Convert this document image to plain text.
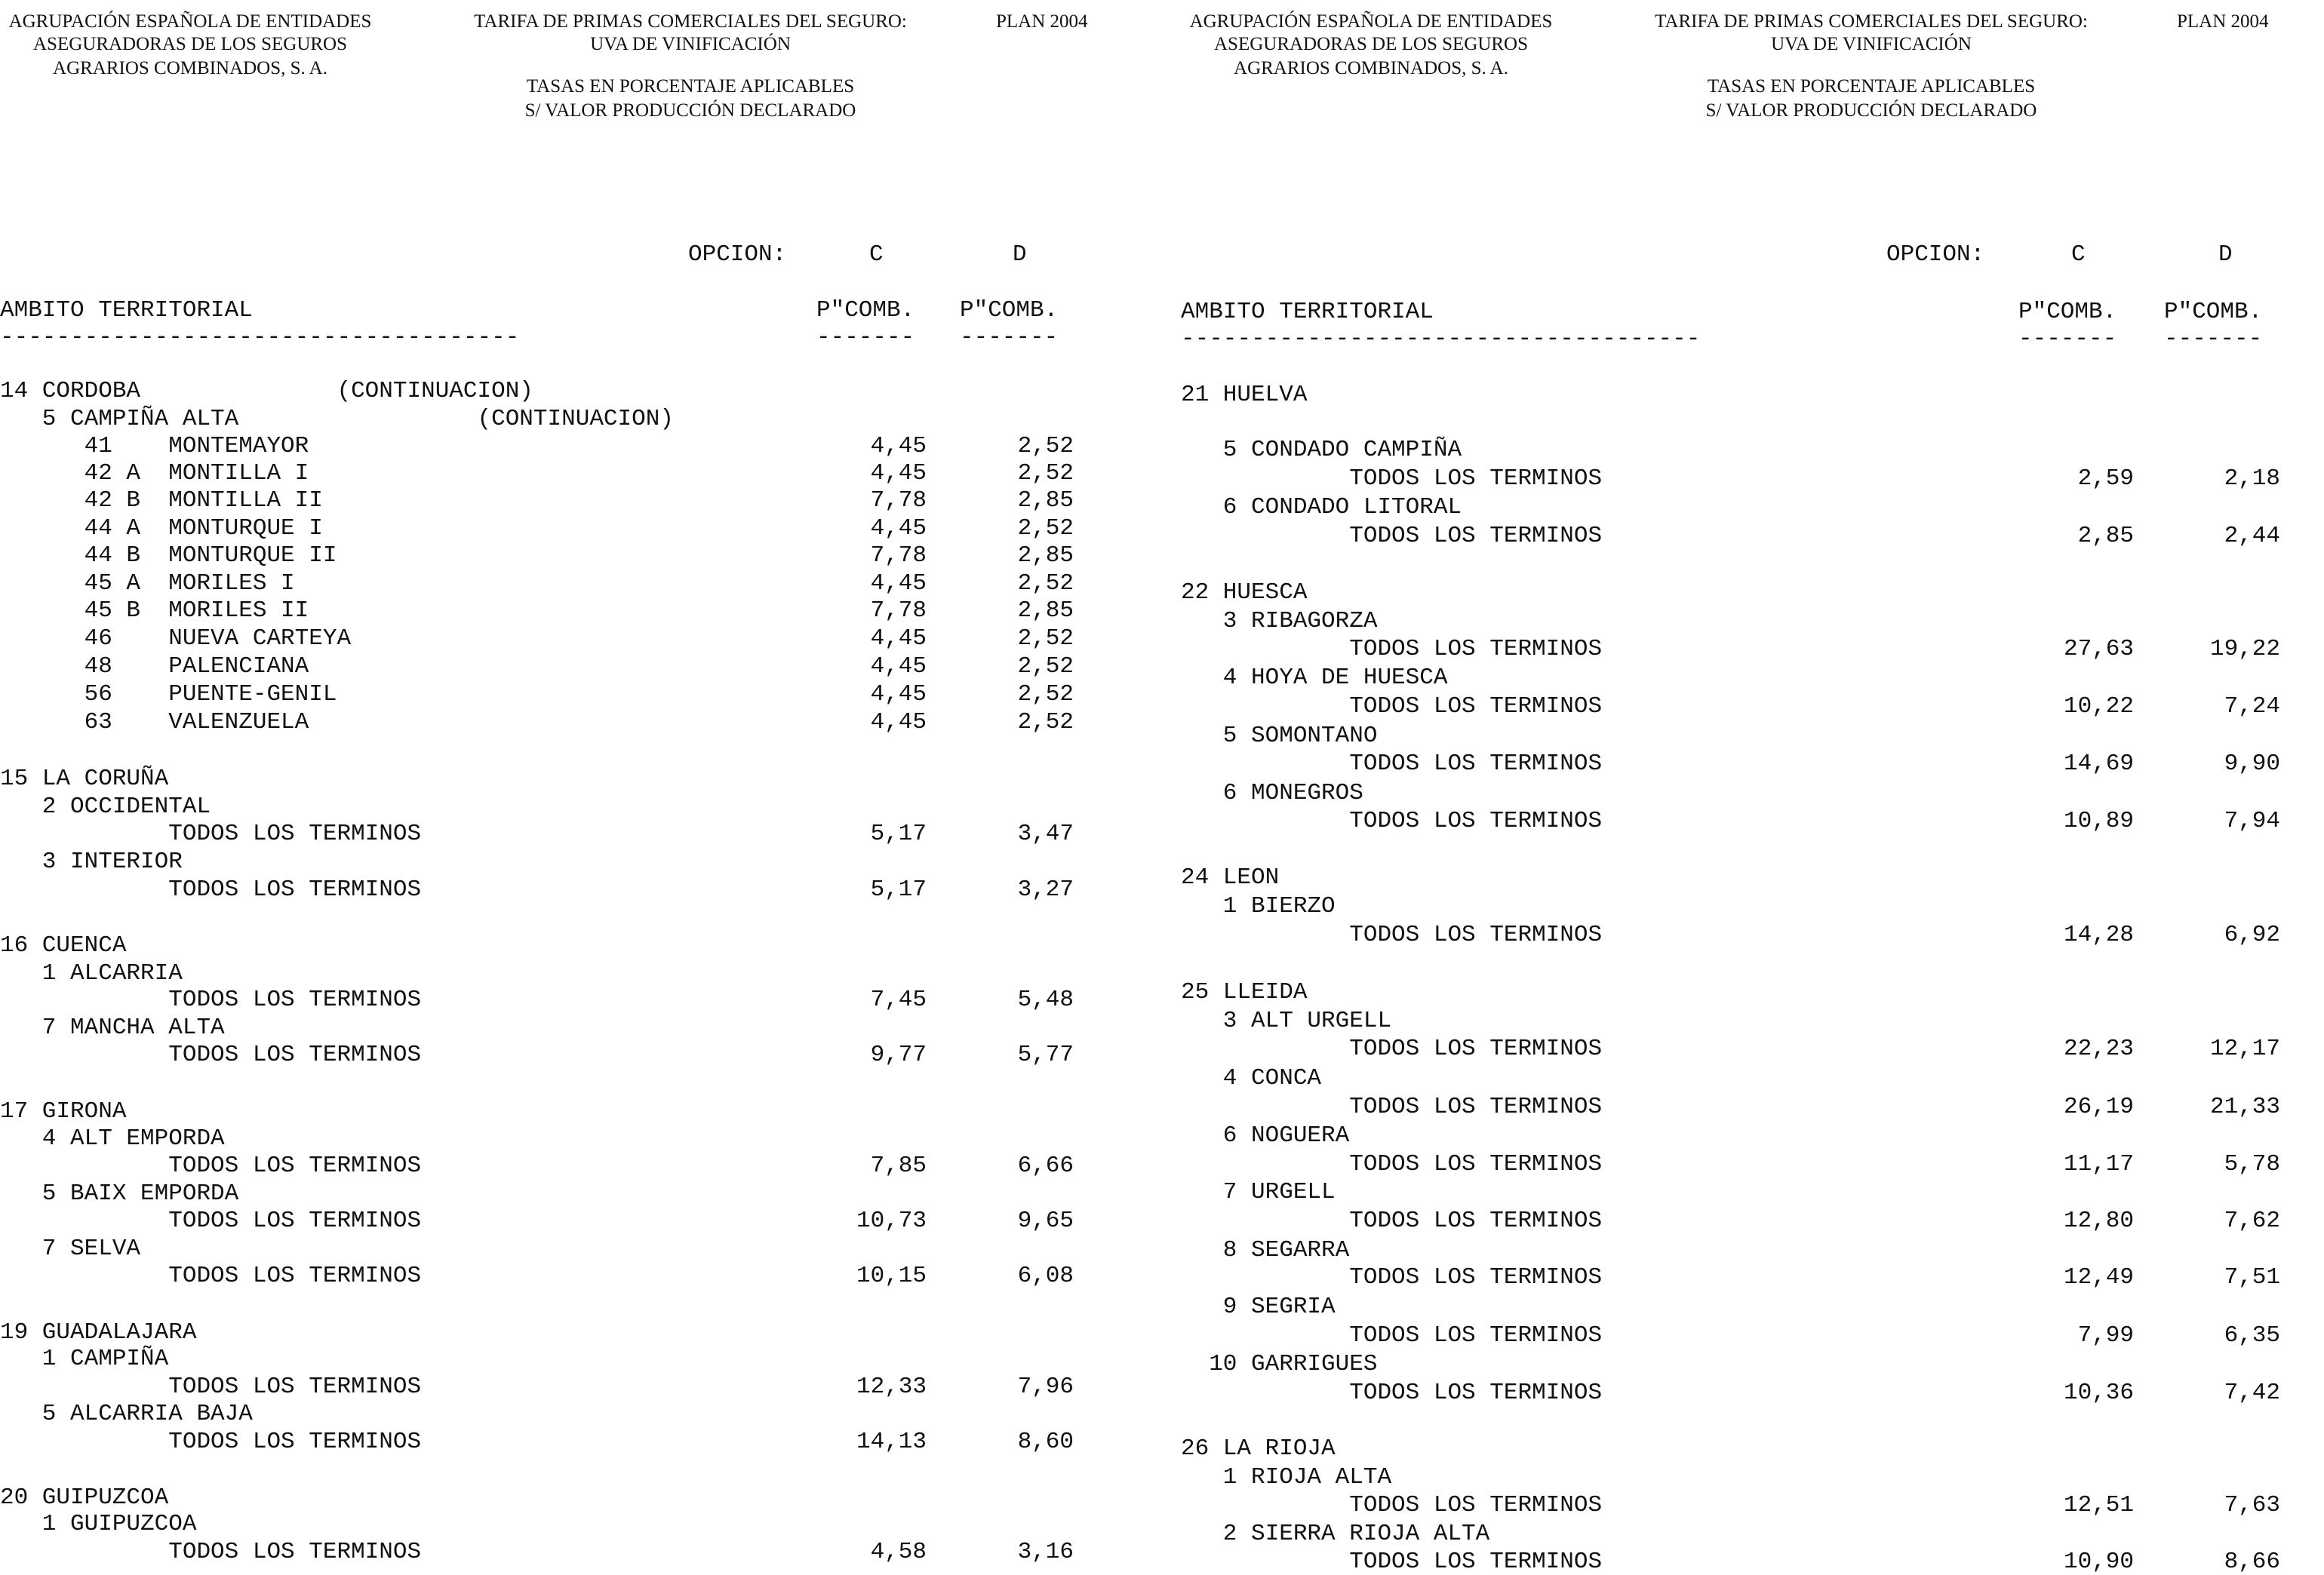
AGRUPACIÓN ESPAÑOLA DE ENTIDADES
ASEGURADORAS DE LOS SEGUROS
AGRARIOS COMBINADOS, S. A.
TARIFA DE PRIMAS COMERCIALES DEL SEGURO:
UVA DE VINIFICACIÓN
PLAN 2004
TASAS EN PORCENTAJE APLICABLES
S/ VALOR PRODUCCIÓN DECLARADO
OPCION:	C	D
AMBITO TERRITORIAL	P"COMB. P"COMB.
-------------------------------------	------- -------
14 CORDOBA              (CONTINUACION)
5 CAMPIÑA ALTA                 (CONTINUACION)
41    MONTEMAYOR	4,45	2,52
42 A  MONTILLA I	4,45	2,52
42 B  MONTILLA II	7,78	2,85
44 A  MONTURQUE I	4,45	2,52
44 B  MONTURQUE II	7,78	2,85
45 A  MORILES I	4,45	2,52
45 B  MORILES II	7,78	2,85
46    NUEVA CARTEYA	4,45	2,52
48    PALENCIANA	4,45	2,52
56    PUENTE-GENIL	4,45	2,52
63    VALENZUELA	4,45	2,52
15 LA CORUÑA
2 OCCIDENTAL
TODOS LOS TERMINOS	5,17	3,47
3 INTERIOR
TODOS LOS TERMINOS	5,17	3,27
16 CUENCA
1 ALCARRIA
TODOS LOS TERMINOS	7,45	5,48
7 MANCHA ALTA
TODOS LOS TERMINOS	9,77	5,77
17 GIRONA
4 ALT EMPORDA
TODOS LOS TERMINOS	7,85	6,66
5 BAIX EMPORDA
TODOS LOS TERMINOS	10,73	9,65
7 SELVA
TODOS LOS TERMINOS	10,15	6,08
19 GUADALAJARA
1 CAMPIÑA
TODOS LOS TERMINOS	12,33	7,96
5 ALCARRIA BAJA
TODOS LOS TERMINOS	14,13	8,60
20 GUIPUZCOA
1 GUIPUZCOA
TODOS LOS TERMINOS	4,58	3,16
AGRUPACIÓN ESPAÑOLA DE ENTIDADES
ASEGURADORAS DE LOS SEGUROS
AGRARIOS COMBINADOS, S. A.
TARIFA DE PRIMAS COMERCIALES DEL SEGURO:
UVA DE VINIFICACIÓN
PLAN 2004
TASAS EN PORCENTAJE APLICABLES
S/ VALOR PRODUCCIÓN DECLARADO
OPCION:	C	D
AMBITO TERRITORIAL	P"COMB. P"COMB.
-------------------------------------	------- -------
21 HUELVA
5 CONDADO CAMPIÑA
TODOS LOS TERMINOS	2,59	2,18
6 CONDADO LITORAL
TODOS LOS TERMINOS	2,85	2,44
22 HUESCA
3 RIBAGORZA
TODOS LOS TERMINOS	27,63	19,22
4 HOYA DE HUESCA
TODOS LOS TERMINOS	10,22	7,24
5 SOMONTANO
TODOS LOS TERMINOS	14,69	9,90
6 MONEGROS
TODOS LOS TERMINOS	10,89	7,94
24 LEON
1 BIERZO
TODOS LOS TERMINOS	14,28	6,92
25 LLEIDA
3 ALT URGELL
TODOS LOS TERMINOS	22,23	12,17
4 CONCA
TODOS LOS TERMINOS	26,19	21,33
6 NOGUERA
TODOS LOS TERMINOS	11,17	5,78
7 URGELL
TODOS LOS TERMINOS	12,80	7,62
8 SEGARRA
TODOS LOS TERMINOS	12,49	7,51
9 SEGRIA
TODOS LOS TERMINOS	7,99	6,35
10 GARRIGUES
TODOS LOS TERMINOS	10,36	7,42
26 LA RIOJA
1 RIOJA ALTA
TODOS LOS TERMINOS	12,51	7,63
2 SIERRA RIOJA ALTA
TODOS LOS TERMINOS	10,90	8,66
